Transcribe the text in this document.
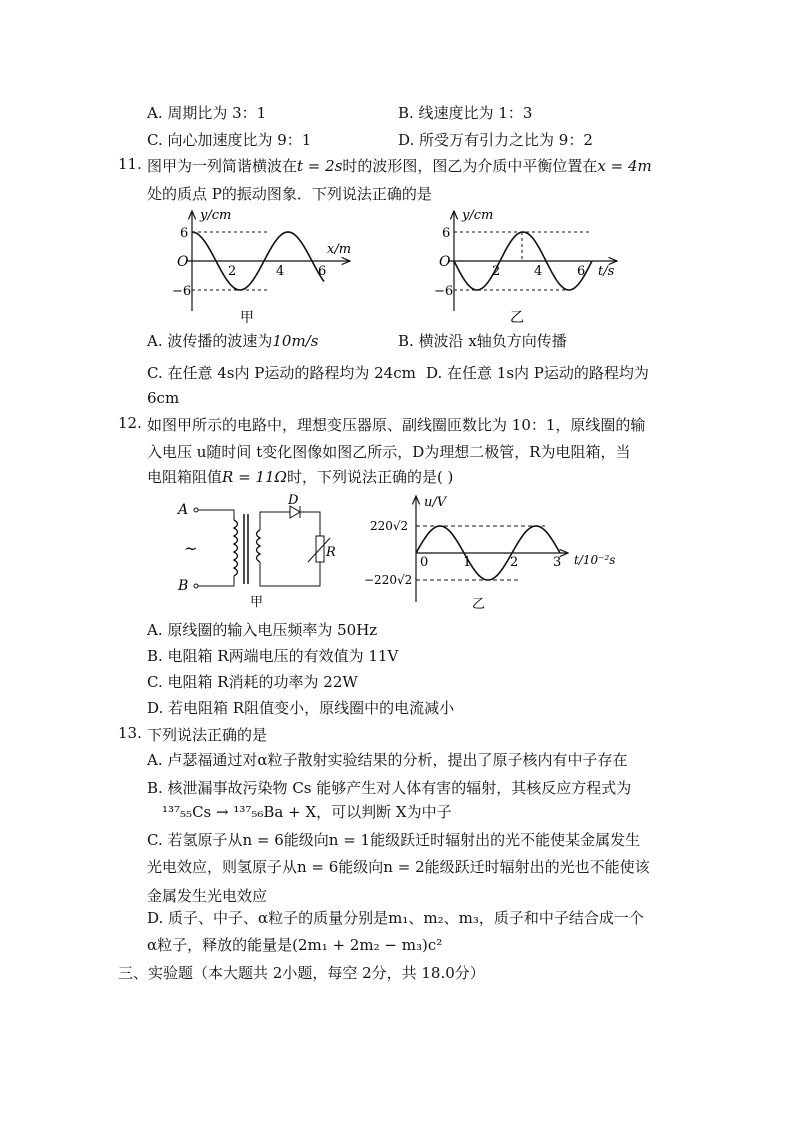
A. 周期比为 3：1	B. 线速度比为 1：3
C. 向心加速度比为 9：1	D. 所受万有引力之比为 9：2
11. 图甲为一列简谐横波在t = 2s时的波形图，图乙为介质中平衡位置在x = 4m
处的质点 P的振动图象．下列说法正确的是
y/cm
x/m
O
6
−6
2	4	6
甲
y/cm
t/s
O
6
−6
2	4	6
乙
A. 波传播的波速为10m/s	B. 横波沿 x轴负方向传播
C. 在任意 4s内 P运动的路程均为 24cm D. 在任意 1s内 P运动的路程均为
6cm
12. 如图甲所示的电路中，理想变压器原、副线圈匝数比为 10：1，原线圈的输
入电压 u随时间 t变化图像如图乙所示，D为理想二极管，R为电阻箱，当
电阻箱阻值R = 11Ω时，下列说法正确的是( )
A
B
~
D
R
甲
u/V
t/10⁻²s
0
220√2
−220√2
1	2	3
乙
A. 原线圈的输入电压频率为 50Hz
B. 电阻箱 R两端电压的有效值为 11V
C. 电阻箱 R消耗的功率为 22W
D. 若电阻箱 R阻值变小，原线圈中的电流减小
13. 下列说法正确的是
A. 卢瑟福通过对α粒子散射实验结果的分析，提出了原子核内有中子存在
B. 核泄漏事故污染物 Cs 能够产生对人体有害的辐射，其核反应方程式为
¹³⁷₅₅Cs → ¹³⁷₅₆Ba + X，可以判断 X为中子
C. 若氢原子从n = 6能级向n = 1能级跃迁时辐射出的光不能使某金属发生
光电效应，则氢原子从n = 6能级向n = 2能级跃迁时辐射出的光也不能使该
金属发生光电效应
D. 质子、中子、α粒子的质量分别是m₁、m₂、m₃，质子和中子结合成一个
α粒子，释放的能量是(2m₁ + 2m₂ − m₃)c²
三、实验题（本大题共 2小题，每空 2分，共 18.0分）
